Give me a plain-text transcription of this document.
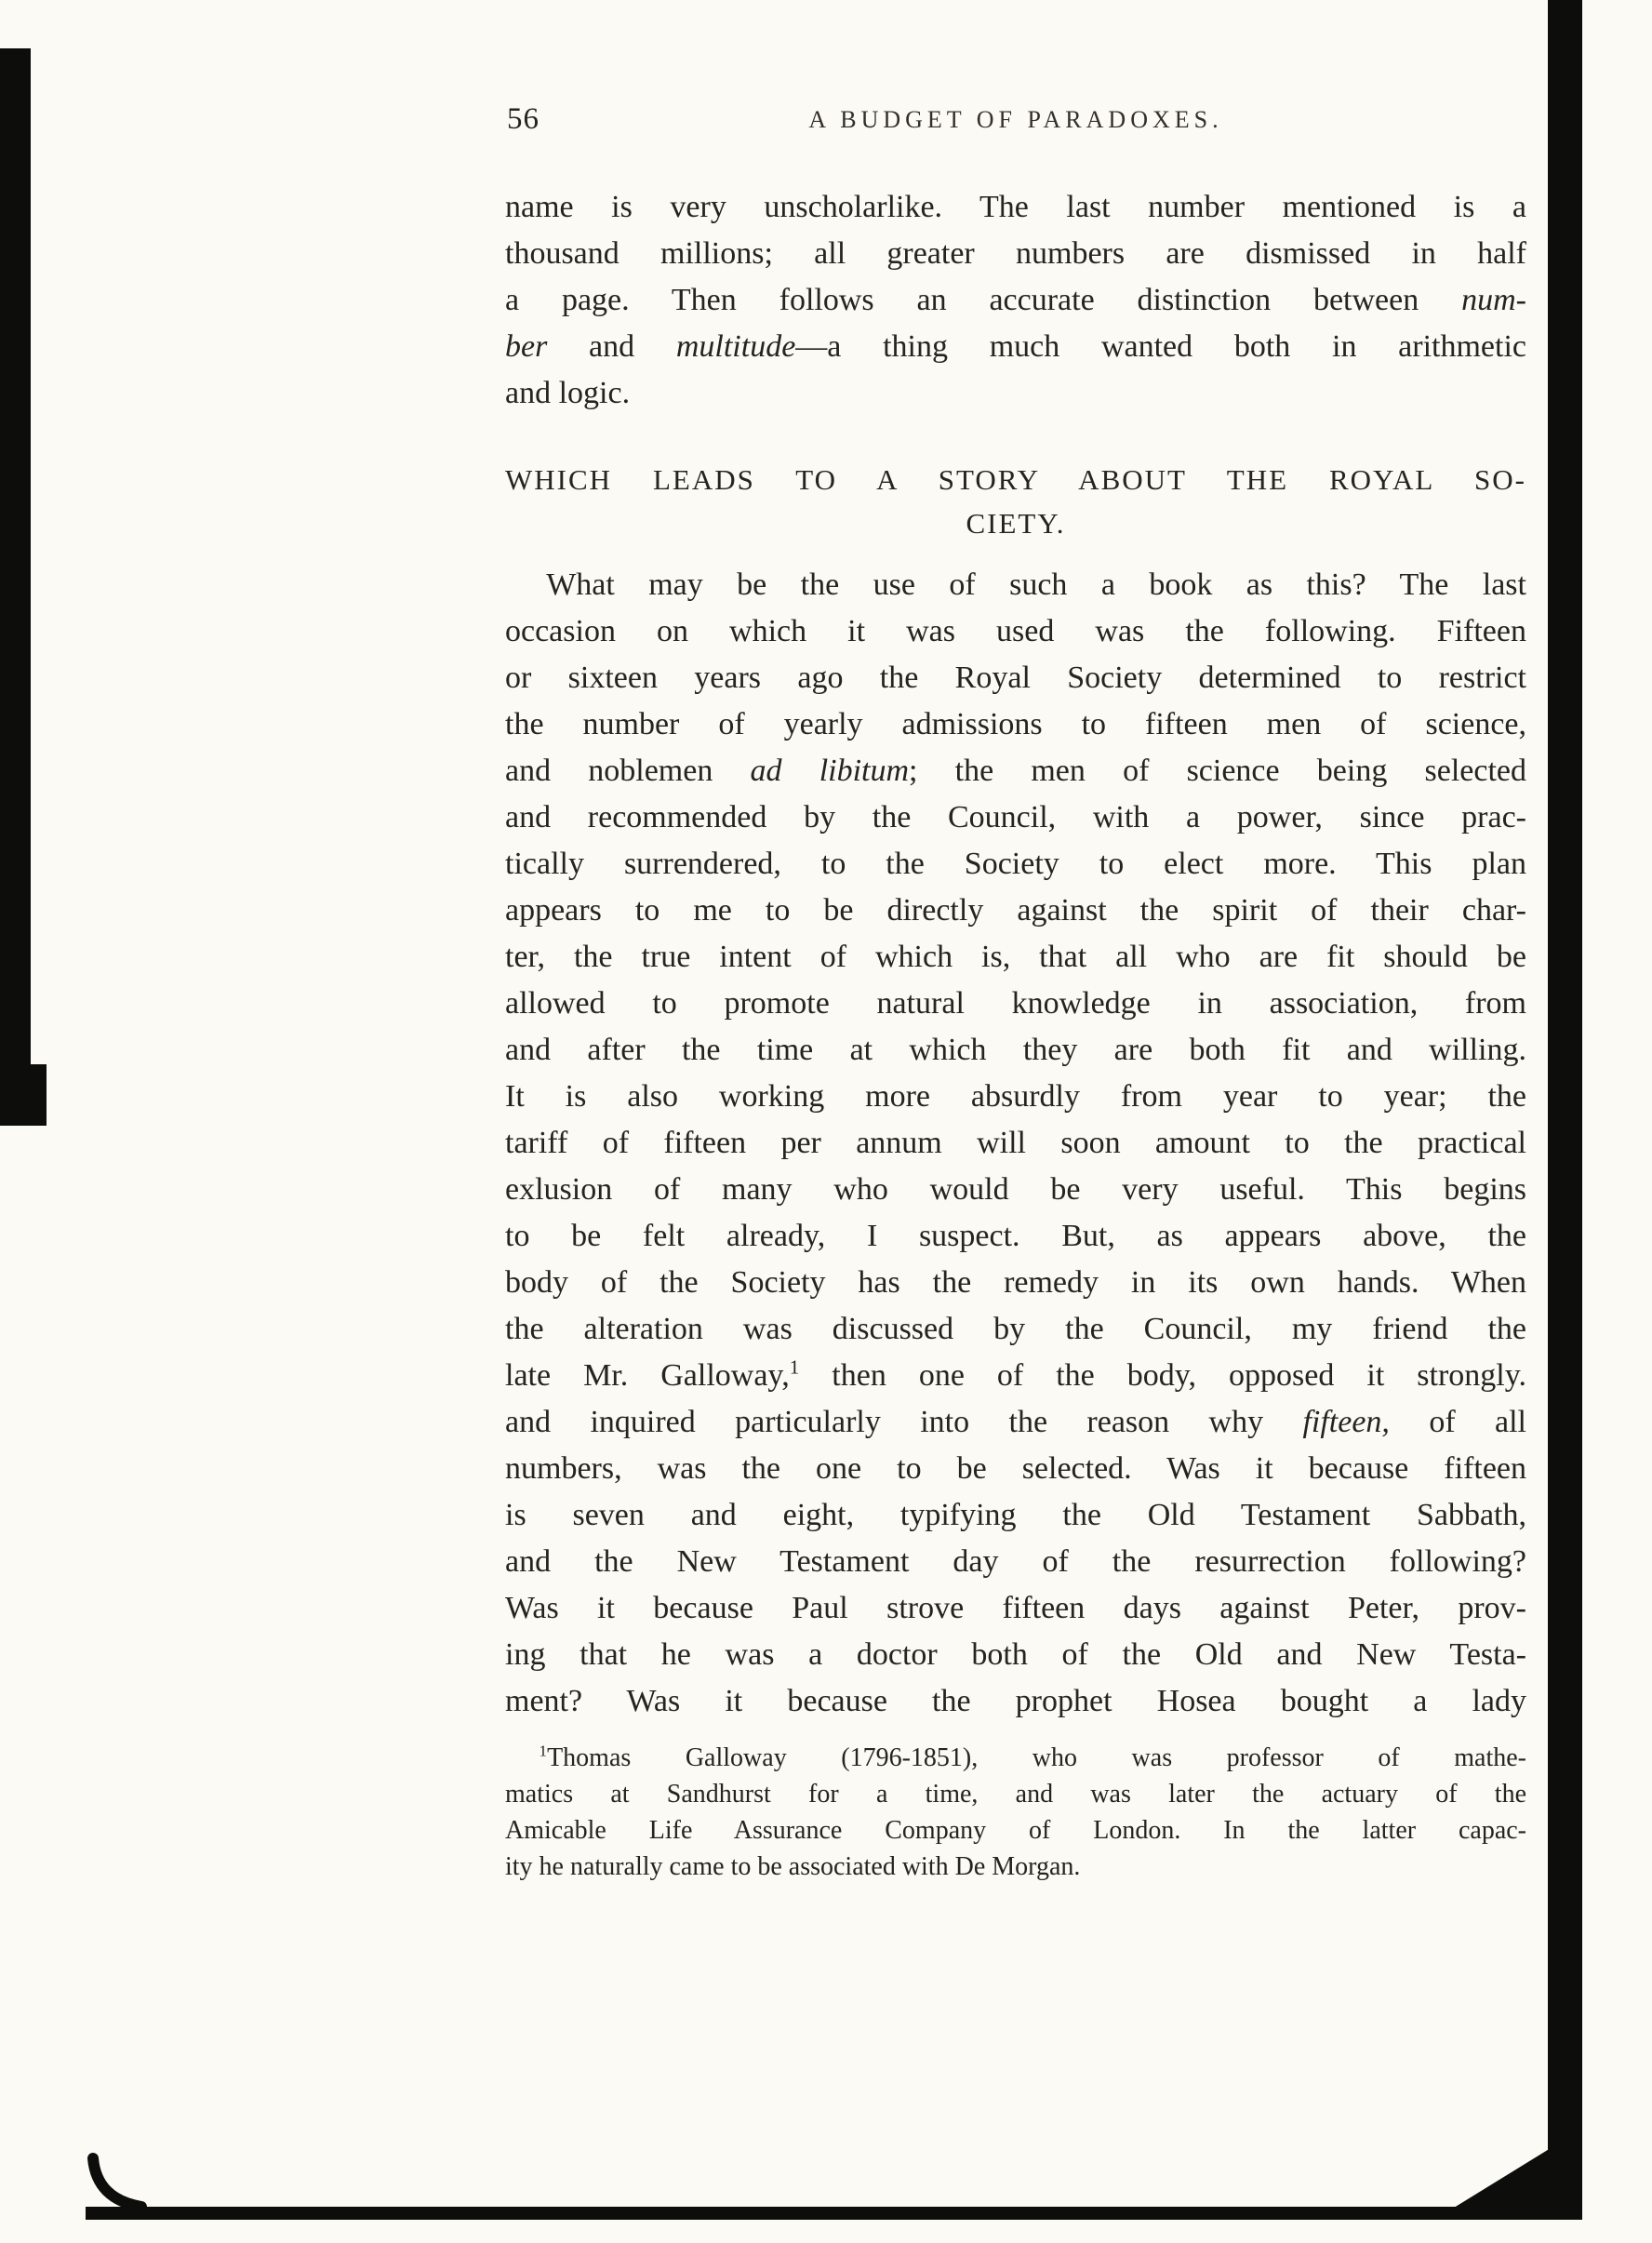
56	A BUDGET OF PARADOXES.
name is very unscholarlike. The last number mentioned is a
thousand millions; all greater numbers are dismissed in half
a page. Then follows an accurate distinction between num-
ber and multitude—a thing much wanted both in arithmetic
and logic.
WHICH LEADS TO A STORY ABOUT THE ROYAL SO-
CIETY.
What may be the use of such a book as this? The last
occasion on which it was used was the following. Fifteen
or sixteen years ago the Royal Society determined to restrict
the number of yearly admissions to fifteen men of science,
and noblemen ad libitum; the men of science being selected
and recommended by the Council, with a power, since prac-
tically surrendered, to the Society to elect more. This plan
appears to me to be directly against the spirit of their char-
ter, the true intent of which is, that all who are fit should be
allowed to promote natural knowledge in association, from
and after the time at which they are both fit and willing.
It is also working more absurdly from year to year; the
tariff of fifteen per annum will soon amount to the practical
exlusion of many who would be very useful. This begins
to be felt already, I suspect. But, as appears above, the
body of the Society has the remedy in its own hands. When
the alteration was discussed by the Council, my friend the
late Mr. Galloway,$^1$ then one of the body, opposed it strongly.
and inquired particularly into the reason why fifteen, of all
numbers, was the one to be selected. Was it because fifteen
is seven and eight, typifying the Old Testament Sabbath,
and the New Testament day of the resurrection following?
Was it because Paul strove fifteen days against Peter, prov-
ing that he was a doctor both of the Old and New Testa-
ment? Was it because the prophet Hosea bought a lady
$^1$Thomas Galloway (1796-1851), who was professor of mathe-
matics at Sandhurst for a time, and was later the actuary of the
Amicable Life Assurance Company of London. In the latter capac-
ity he naturally came to be associated with De Morgan.
